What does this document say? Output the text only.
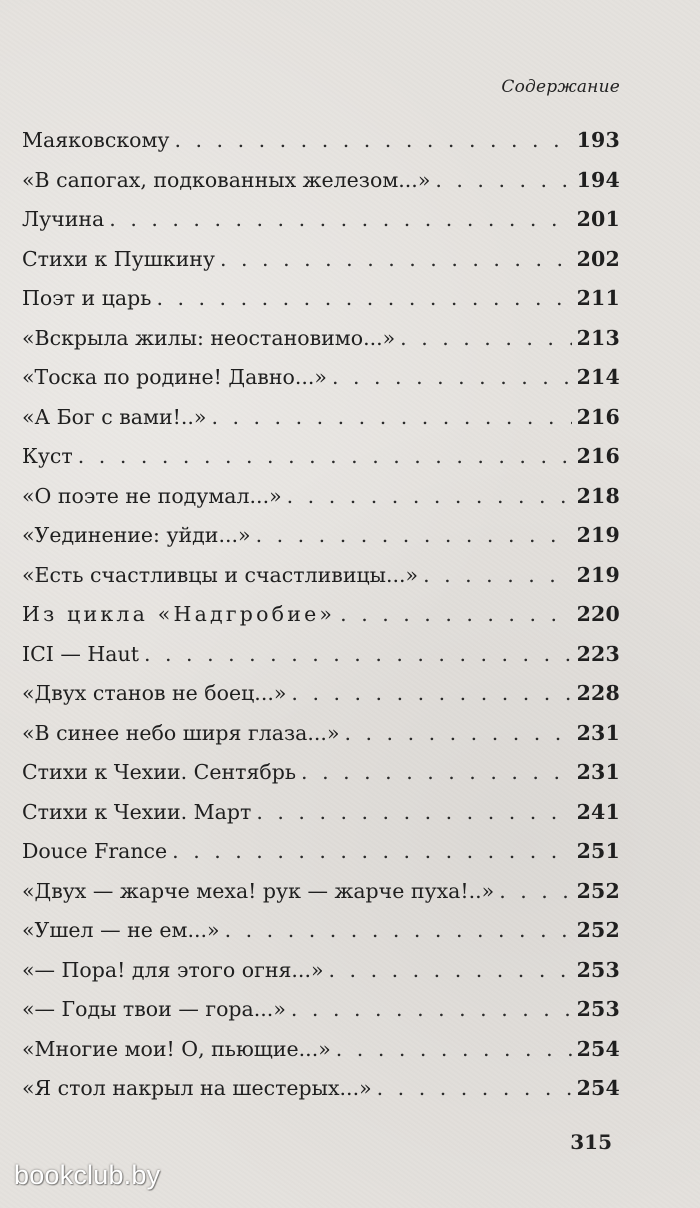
Содержание
Маяковскому . . .	193
«В сапогах, подкованных железом...» . . .	194
Лучина . . .	201
Стихи к Пушкину . . .	202
Поэт и царь . . .	211
«Вскрыла жилы: неостановимо...» . . .	213
«Тоска по родине! Давно...» . . .	214
«А Бог с вами!..» . . .	216
Куст . . .	216
«О поэте не подумал...» . . .	218
«Уединение: уйди...» . . .	219
«Есть счастливцы и счастливицы...» . . .	219
Из цикла «Надгробие» . . .	220
ICI — Haut . . .	223
«Двух станов не боец...» . . .	228
«В синее небо ширя глаза...» . . .	231
Стихи к Чехии. Сентябрь . . .	231
Стихи к Чехии. Март . . .	241
Douce France . . .	251
«Двух — жарче меха! рук — жарче пуха!..» . . .	252
«Ушел — не ем...» . . .	252
«— Пора! для этого огня...» . . .	253
«— Годы твои — гора...» . . .	253
«Многие мои! О, пьющие...» . . .	254
«Я стол накрыл на шестерых...» . . .	254
315
bookclub.by
